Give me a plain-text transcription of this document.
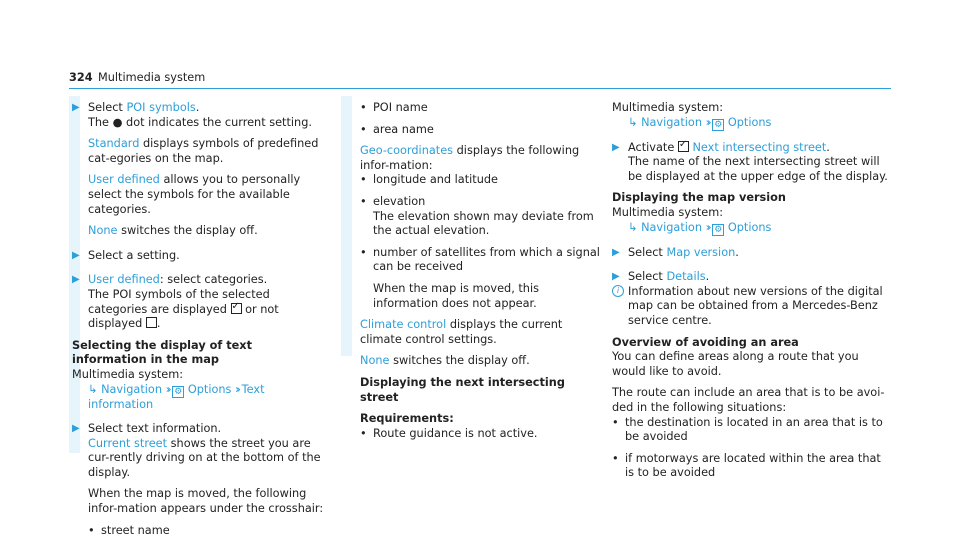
324 Multimedia system
▶ Select POI symbols.

The ● dot indicates the current setting.

Standard displays symbols of predefined cat-egories on the map.

User defined allows you to personally select the symbols for the available categories.

None switches the display off.

▶ Select a setting.

▶ User defined: select categories.

The POI symbols of the selected categories are displayed ✓ or not displayed .

Selecting the display of text information in the map

Multimedia system:

↳ Navigation ›› ⚙ Options ›› Text information

▶ Select text information.

Current street shows the street you are cur-rently driving on at the bottom of the display.

When the map is moved, the following infor-mation appears under the crosshair:

• street name
• POI name
• area name

Geo-coordinates displays the following infor-mation:

• longitude and latitude
• elevation

The elevation shown may deviate from the actual elevation.

• number of satellites from which a signal can be received

When the map is moved, this information does not appear.

Climate control displays the current climate control settings.

None switches the display off.

Displaying the next intersecting street

Requirements:

• Route guidance is not active.

Multimedia system:

↳ Navigation ›› ⚙ Options

▶ Activate ✓ Next intersecting street.

The name of the next intersecting street will be displayed at the upper edge of the display.

Displaying the map version

Multimedia system:

↳ Navigation ›› ⚙ Options

▶ Select Map version.

▶ Select Details.

i Information about new versions of the digital map can be obtained from a Mercedes-Benz service centre.

Overview of avoiding an area

You can define areas along a route that you would like to avoid.

The route can include an area that is to be avoi-ded in the following situations:

• the destination is located in an area that is to be avoided
• if motorways are located within the area that is to be avoided
